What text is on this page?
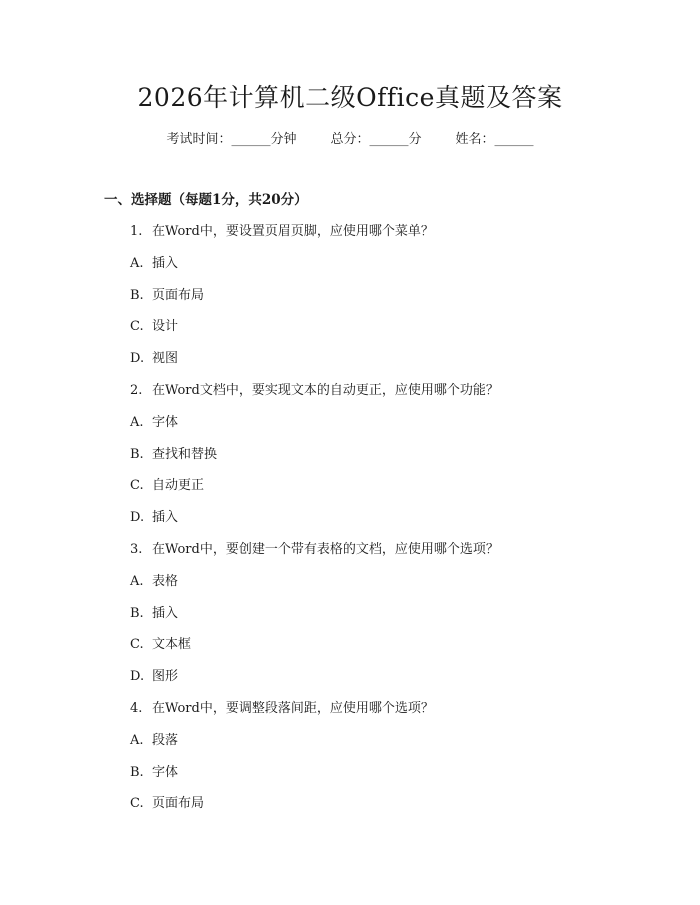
2026年计算机二级Office真题及答案
考试时间：______分钟	总分：______分	姓名：______
一、选择题（每题1分，共20分）
1. 在Word中，要设置页眉页脚，应使用哪个菜单？
A. 插入
B. 页面布局
C. 设计
D. 视图
2. 在Word文档中，要实现文本的自动更正，应使用哪个功能？
A. 字体
B. 查找和替换
C. 自动更正
D. 插入
3. 在Word中，要创建一个带有表格的文档，应使用哪个选项？
A. 表格
B. 插入
C. 文本框
D. 图形
4. 在Word中，要调整段落间距，应使用哪个选项？
A. 段落
B. 字体
C. 页面布局
